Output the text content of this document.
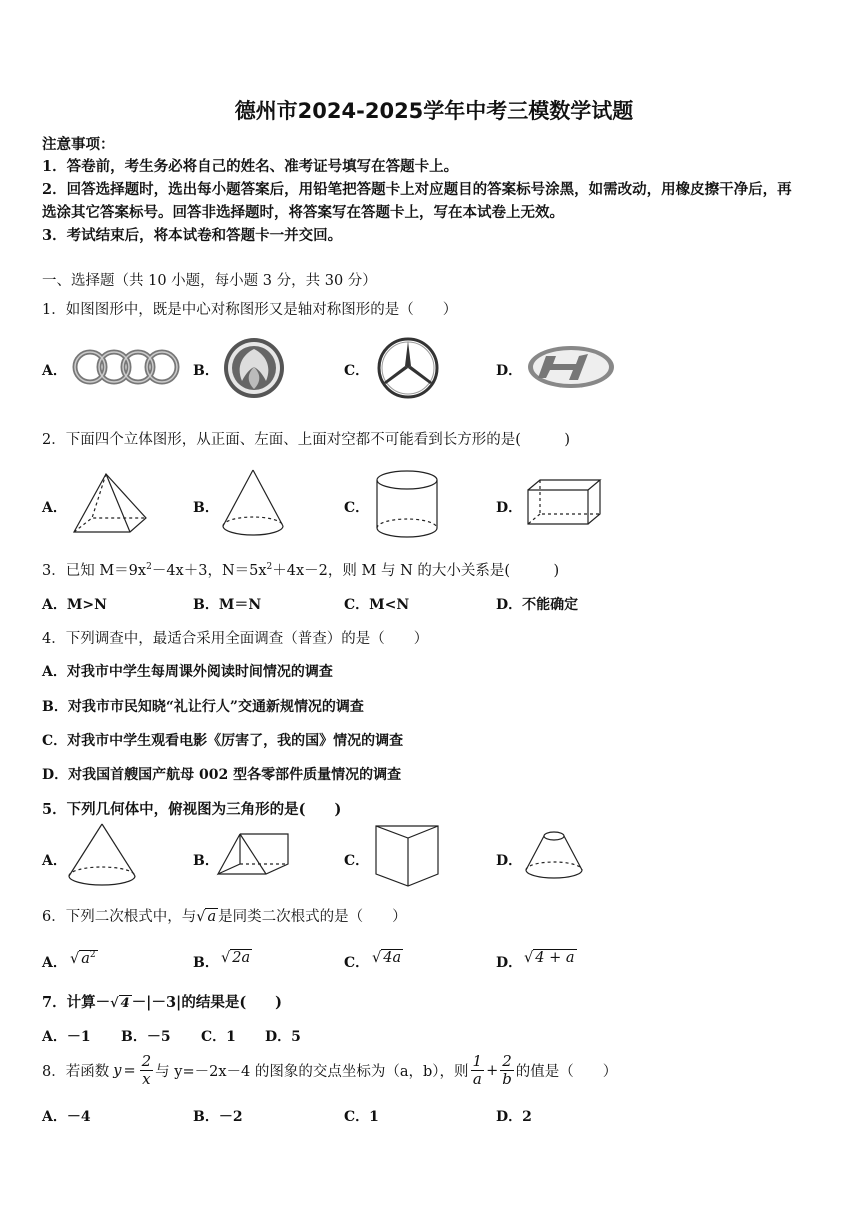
德州市2024-2025学年中考三模数学试题
注意事项：
1．答卷前，考生务必将自己的姓名、准考证号填写在答题卡上。
2．回答选择题时，选出每小题答案后，用铅笔把答题卡上对应题目的答案标号涂黑，如需改动，用橡皮擦干净后，再
选涂其它答案标号。回答非选择题时，将答案写在答题卡上，写在本试卷上无效。
3．考试结束后，将本试卷和答题卡一并交回。
一、选择题（共 10 小题，每小题 3 分，共 30 分）
1．如图图形中，既是中心对称图形又是轴对称图形的是（　　）
A．	B．	C．	D．
2．下面四个立体图形，从正面、左面、上面对空都不可能看到长方形的是(　　　)
A．	B．	C．	D．
3．已知 $M=9x^2-4x+3$，$N=5x^2+4x-2$，则 M 与 N 的大小关系是(　　　)
A．M>N	B．M＝N	C．M<N	D．不能确定
4．下列调查中，最适合采用全面调查（普查）的是（　　）
A．对我市中学生每周课外阅读时间情况的调查
B．对我市市民知晓“礼让行人”交通新规情况的调查
C．对我市中学生观看电影《厉害了，我的国》情况的调查
D．对我国首艘国产航母 002 型各零部件质量情况的调查
5．下列几何体中，俯视图为三角形的是(　　)
A．	B．	C．	D．
6．下列二次根式中，与√ a 是同类二次根式的是（　　）
A． √ $a^2$	B． √ 2a	C． √ 4a	D． √ 4 + a
7．计算－√ 4 －|－3|的结果是(　　)
A．－1 B．－5 C．1 D．5
8．若函数 $y = \frac{2}{x}$ 与 y=－2x－4 的图象的交点坐标为（a，b），则 $\frac{1}{a} + \frac{2}{b}$ 的值是（　　）
A．－4	B．－2	C．1	D．2
